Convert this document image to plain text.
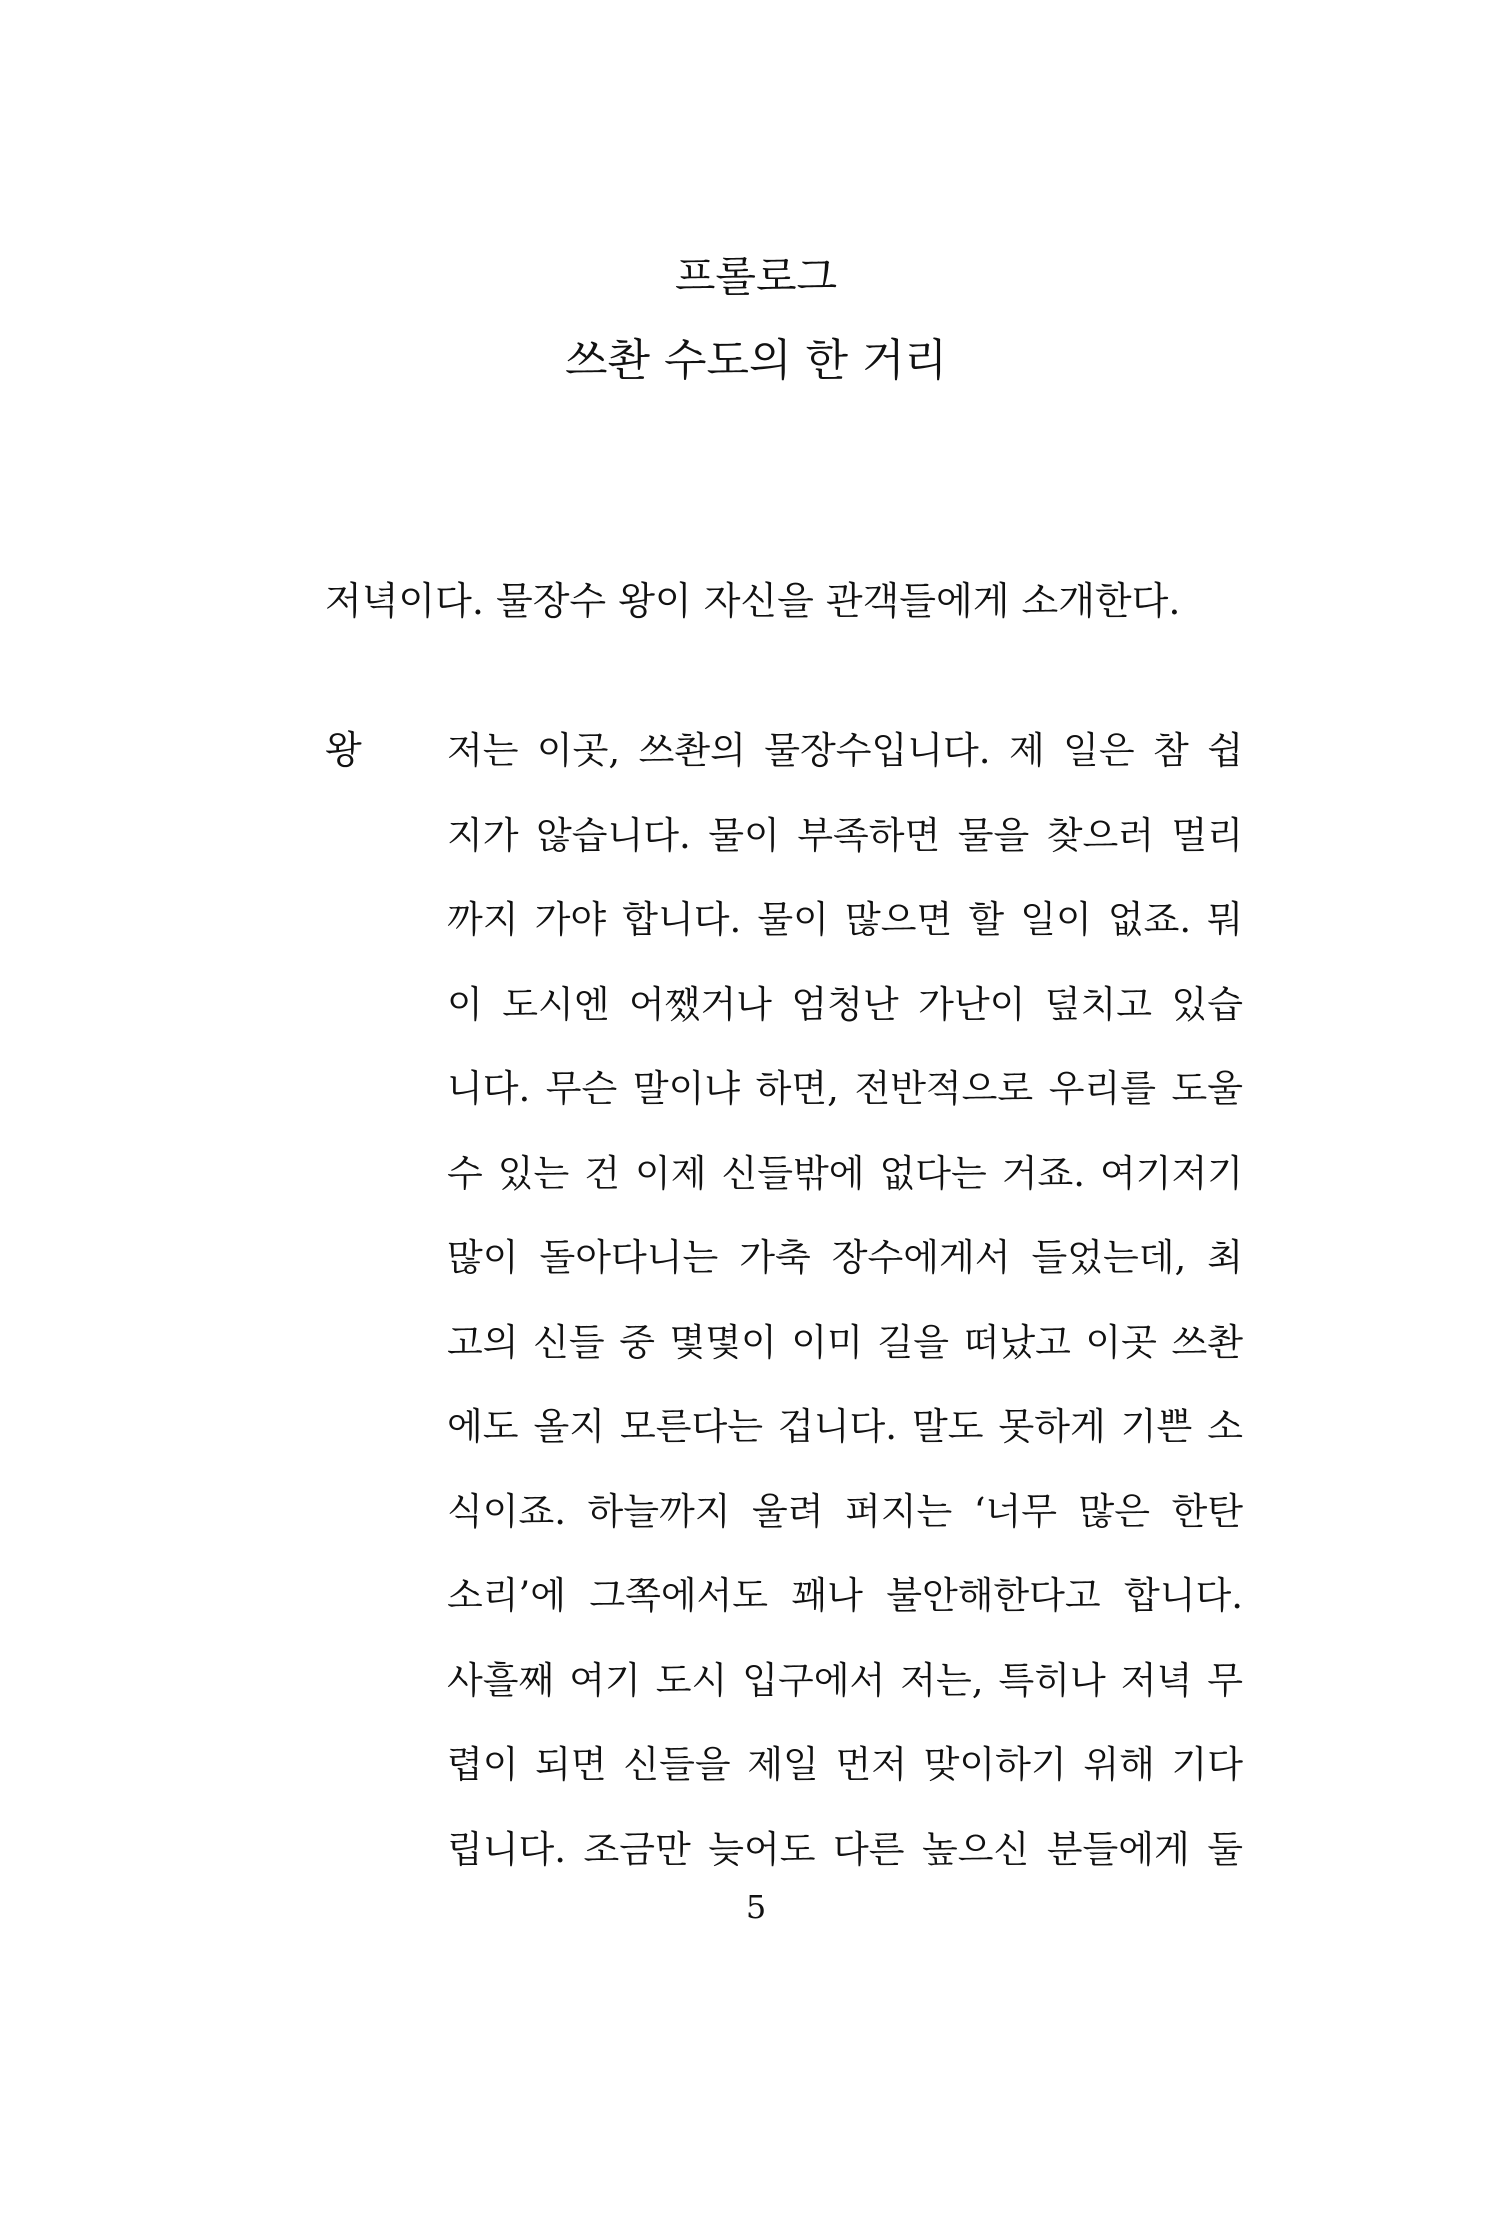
프롤로그
쓰촨 수도의 한 거리
저녁이다. 물장수 왕이 자신을 관객들에게 소개한다.
왕 저는 이곳, 쓰촨의 물장수입니다. 제 일은 참 쉽
지가 않습니다. 물이 부족하면 물을 찾으러 멀리
까지 가야 합니다. 물이 많으면 할 일이 없죠. 뭐
이 도시엔 어쨌거나 엄청난 가난이 덮치고 있습
니다. 무슨 말이냐 하면, 전반적으로 우리를 도울
수 있는 건 이제 신들밖에 없다는 거죠. 여기저기
많이 돌아다니는 가축 장수에게서 들었는데, 최
고의 신들 중 몇몇이 이미 길을 떠났고 이곳 쓰촨
에도 올지 모른다는 겁니다. 말도 못하게 기쁜 소
식이죠. 하늘까지 울려 퍼지는 ‘너무 많은 한탄
소리’에 그쪽에서도 꽤나 불안해한다고 합니다.
사흘째 여기 도시 입구에서 저는, 특히나 저녁 무
렵이 되면 신들을 제일 먼저 맞이하기 위해 기다
립니다. 조금만 늦어도 다른 높으신 분들에게 둘
5
